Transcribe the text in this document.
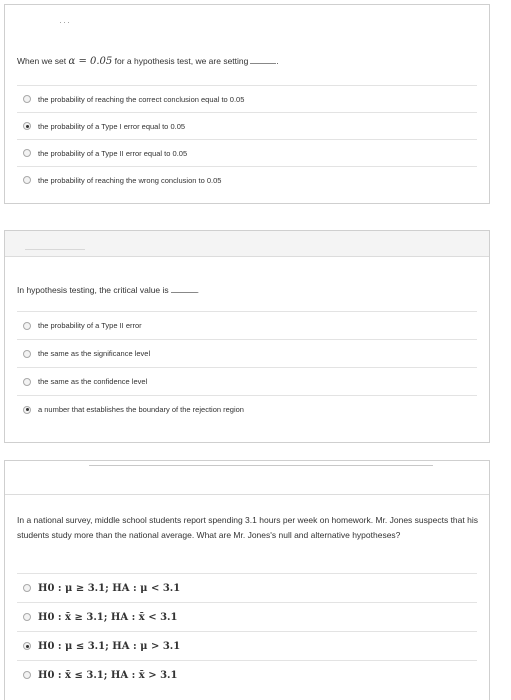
···
When we set α = 0.05 for a hypothesis test, we are setting	.
the probability of reaching the correct conclusion equal to 0.05
the probability of a Type I error equal to 0.05
the probability of a Type II error equal to 0.05
the probability of reaching the wrong conclusion to 0.05
In hypothesis testing, the critical value is	.
the probability of a Type II error
the same as the significance level
the same as the confidence level
a number that establishes the boundary of the rejection region
In a national survey, middle school students report spending 3.1 hours per week on homework. Mr. Jones suspects that his students study more than the national average. What are Mr. Jones's null and alternative hypotheses?
H0 : μ ≥ 3.1; HA : μ < 3.1
H0 : x̄ ≥ 3.1; HA : x̄ < 3.1
H0 : μ ≤ 3.1; HA : μ > 3.1
H0 : x̄ ≤ 3.1; HA : x̄ > 3.1
